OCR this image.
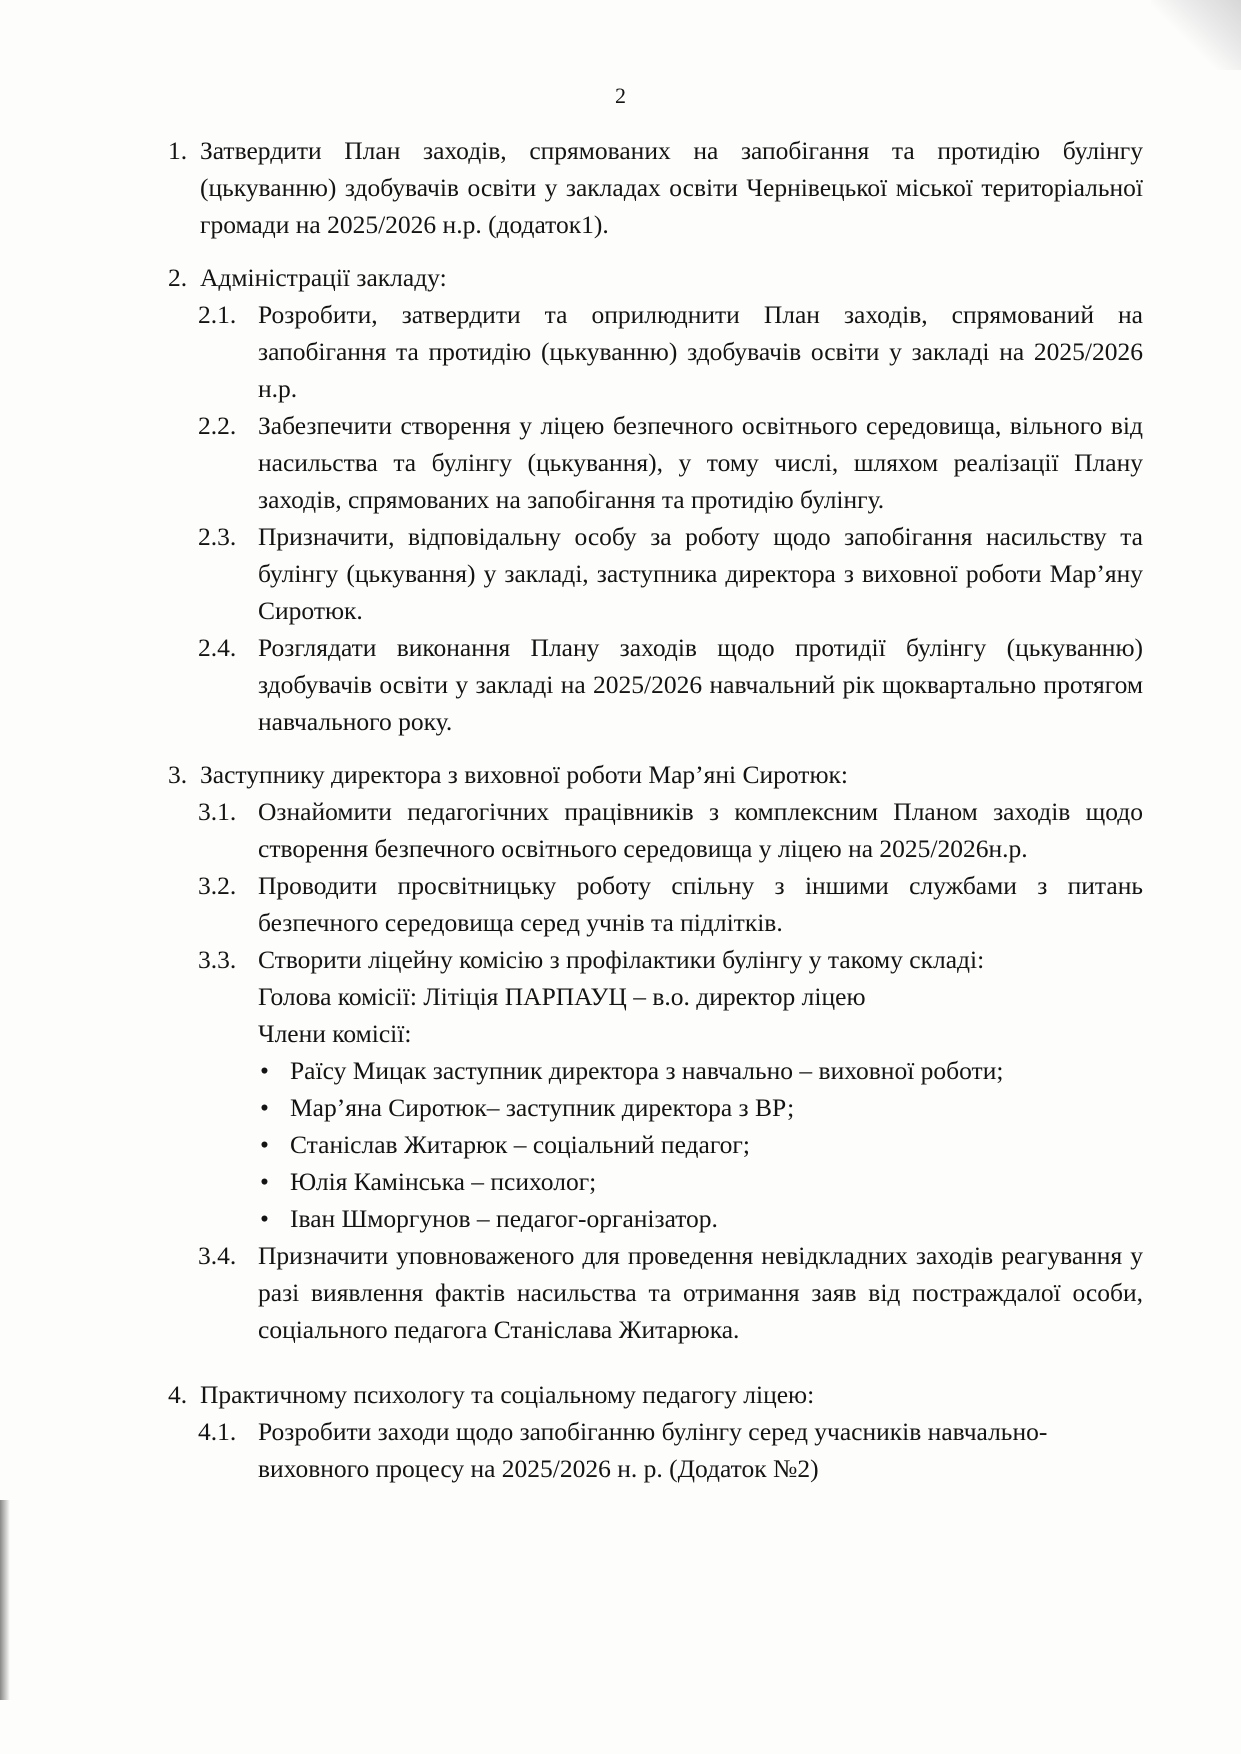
2
1. Затвердити План заходів, спрямованих на запобігання та протидію булінгу (цькуванню) здобувачів освіти у закладах освіти Чернівецької міської територіальної громади на 2025/2026 н.р. (додаток1).
2. Адміністрації закладу:
2.1. Розробити, затвердити та оприлюднити План заходів, спрямований на запобігання та протидію (цькуванню) здобувачів освіти у закладі на 2025/2026 н.р.
2.2. Забезпечити створення у ліцею безпечного освітнього середовища, вільного від насильства та булінгу (цькування), у тому числі, шляхом реалізації Плану заходів, спрямованих на запобігання та протидію булінгу.
2.3. Призначити, відповідальну особу за роботу щодо запобігання насильству та булінгу (цькування) у закладі, заступника директора з виховної роботи Мар’яну Сиротюк.
2.4. Розглядати виконання Плану заходів щодо протидії булінгу (цькуванню) здобувачів освіти у закладі на 2025/2026 навчальний рік щоквартально протягом навчального року.
3. Заступнику директора з виховної роботи Мар’яні Сиротюк:
3.1. Ознайомити педагогічних працівників з комплексним Планом заходів щодо створення безпечного освітнього середовища у ліцею на 2025/2026н.р.
3.2. Проводити просвітницьку роботу спільну з іншими службами з питань безпечного середовища серед учнів та підлітків.
3.3. Створити ліцейну комісію з профілактики булінгу у такому складі:
Голова комісії: Літіція ПАРПАУЦ – в.о. директор ліцею
Члени комісії:
• Раїсу Мицак заступник директора з навчально – виховної роботи;
• Мар’яна Сиротюк– заступник директора з ВР;
• Станіслав Житарюк – соціальний педагог;
• Юлія Камінська – психолог;
• Іван Шморгунов – педагог-організатор.
3.4. Призначити уповноваженого для проведення невідкладних заходів реагування у разі виявлення фактів насильства та отримання заяв від постраждалої особи, соціального педагога Станіслава Житарюка.
4. Практичному психологу та соціальному педагогу ліцею:
4.1. Розробити заходи щодо запобіганню булінгу серед учасників навчально-виховного процесу на 2025/2026 н. р. (Додаток №2)
